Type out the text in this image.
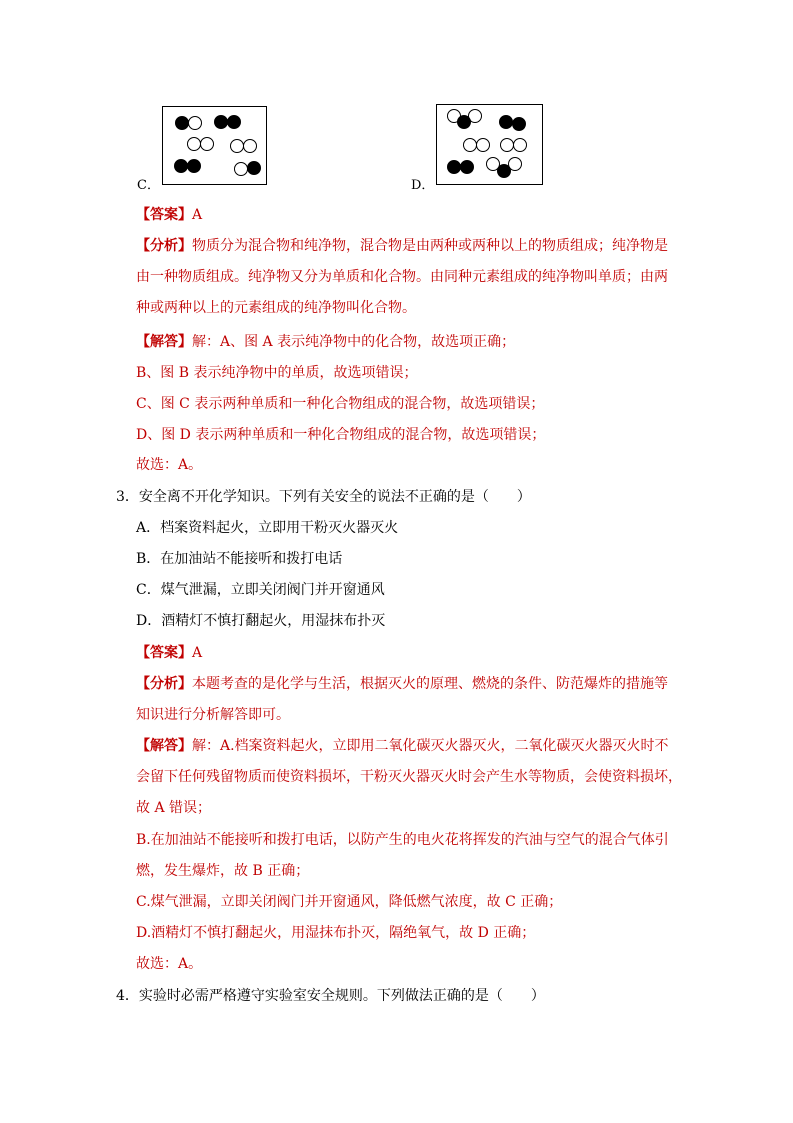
C．	D．
【答案】A
【分析】物质分为混合物和纯净物，混合物是由两种或两种以上的物质组成；纯净物是
由一种物质组成。纯净物又分为单质和化合物。由同种元素组成的纯净物叫单质；由两
种或两种以上的元素组成的纯净物叫化合物。
【解答】解：A、图 A 表示纯净物中的化合物，故选项正确；
B、图 B 表示纯净物中的单质，故选项错误；
C、图 C 表示两种单质和一种化合物组成的混合物，故选项错误；
D、图 D 表示两种单质和一种化合物组成的混合物，故选项错误；
故选：A。
3．安全离不开化学知识。下列有关安全的说法不正确的是（　　）
A．档案资料起火，立即用干粉灭火器灭火
B．在加油站不能接听和拨打电话
C．煤气泄漏，立即关闭阀门并开窗通风
D．酒精灯不慎打翻起火，用湿抹布扑灭
【答案】A
【分析】本题考查的是化学与生活，根据灭火的原理、燃烧的条件、防范爆炸的措施等
知识进行分析解答即可。
【解答】解：A.档案资料起火，立即用二氧化碳灭火器灭火，二氧化碳灭火器灭火时不
会留下任何残留物质而使资料损坏，干粉灭火器灭火时会产生水等物质，会使资料损坏，
故 A 错误；
B.在加油站不能接听和拨打电话，以防产生的电火花将挥发的汽油与空气的混合气体引
燃，发生爆炸，故 B 正确；
C.煤气泄漏，立即关闭阀门并开窗通风，降低燃气浓度，故 C 正确；
D.酒精灯不慎打翻起火，用湿抹布扑灭，隔绝氧气，故 D 正确；
故选：A。
4．实验时必需严格遵守实验室安全规则。下列做法正确的是（　　）
